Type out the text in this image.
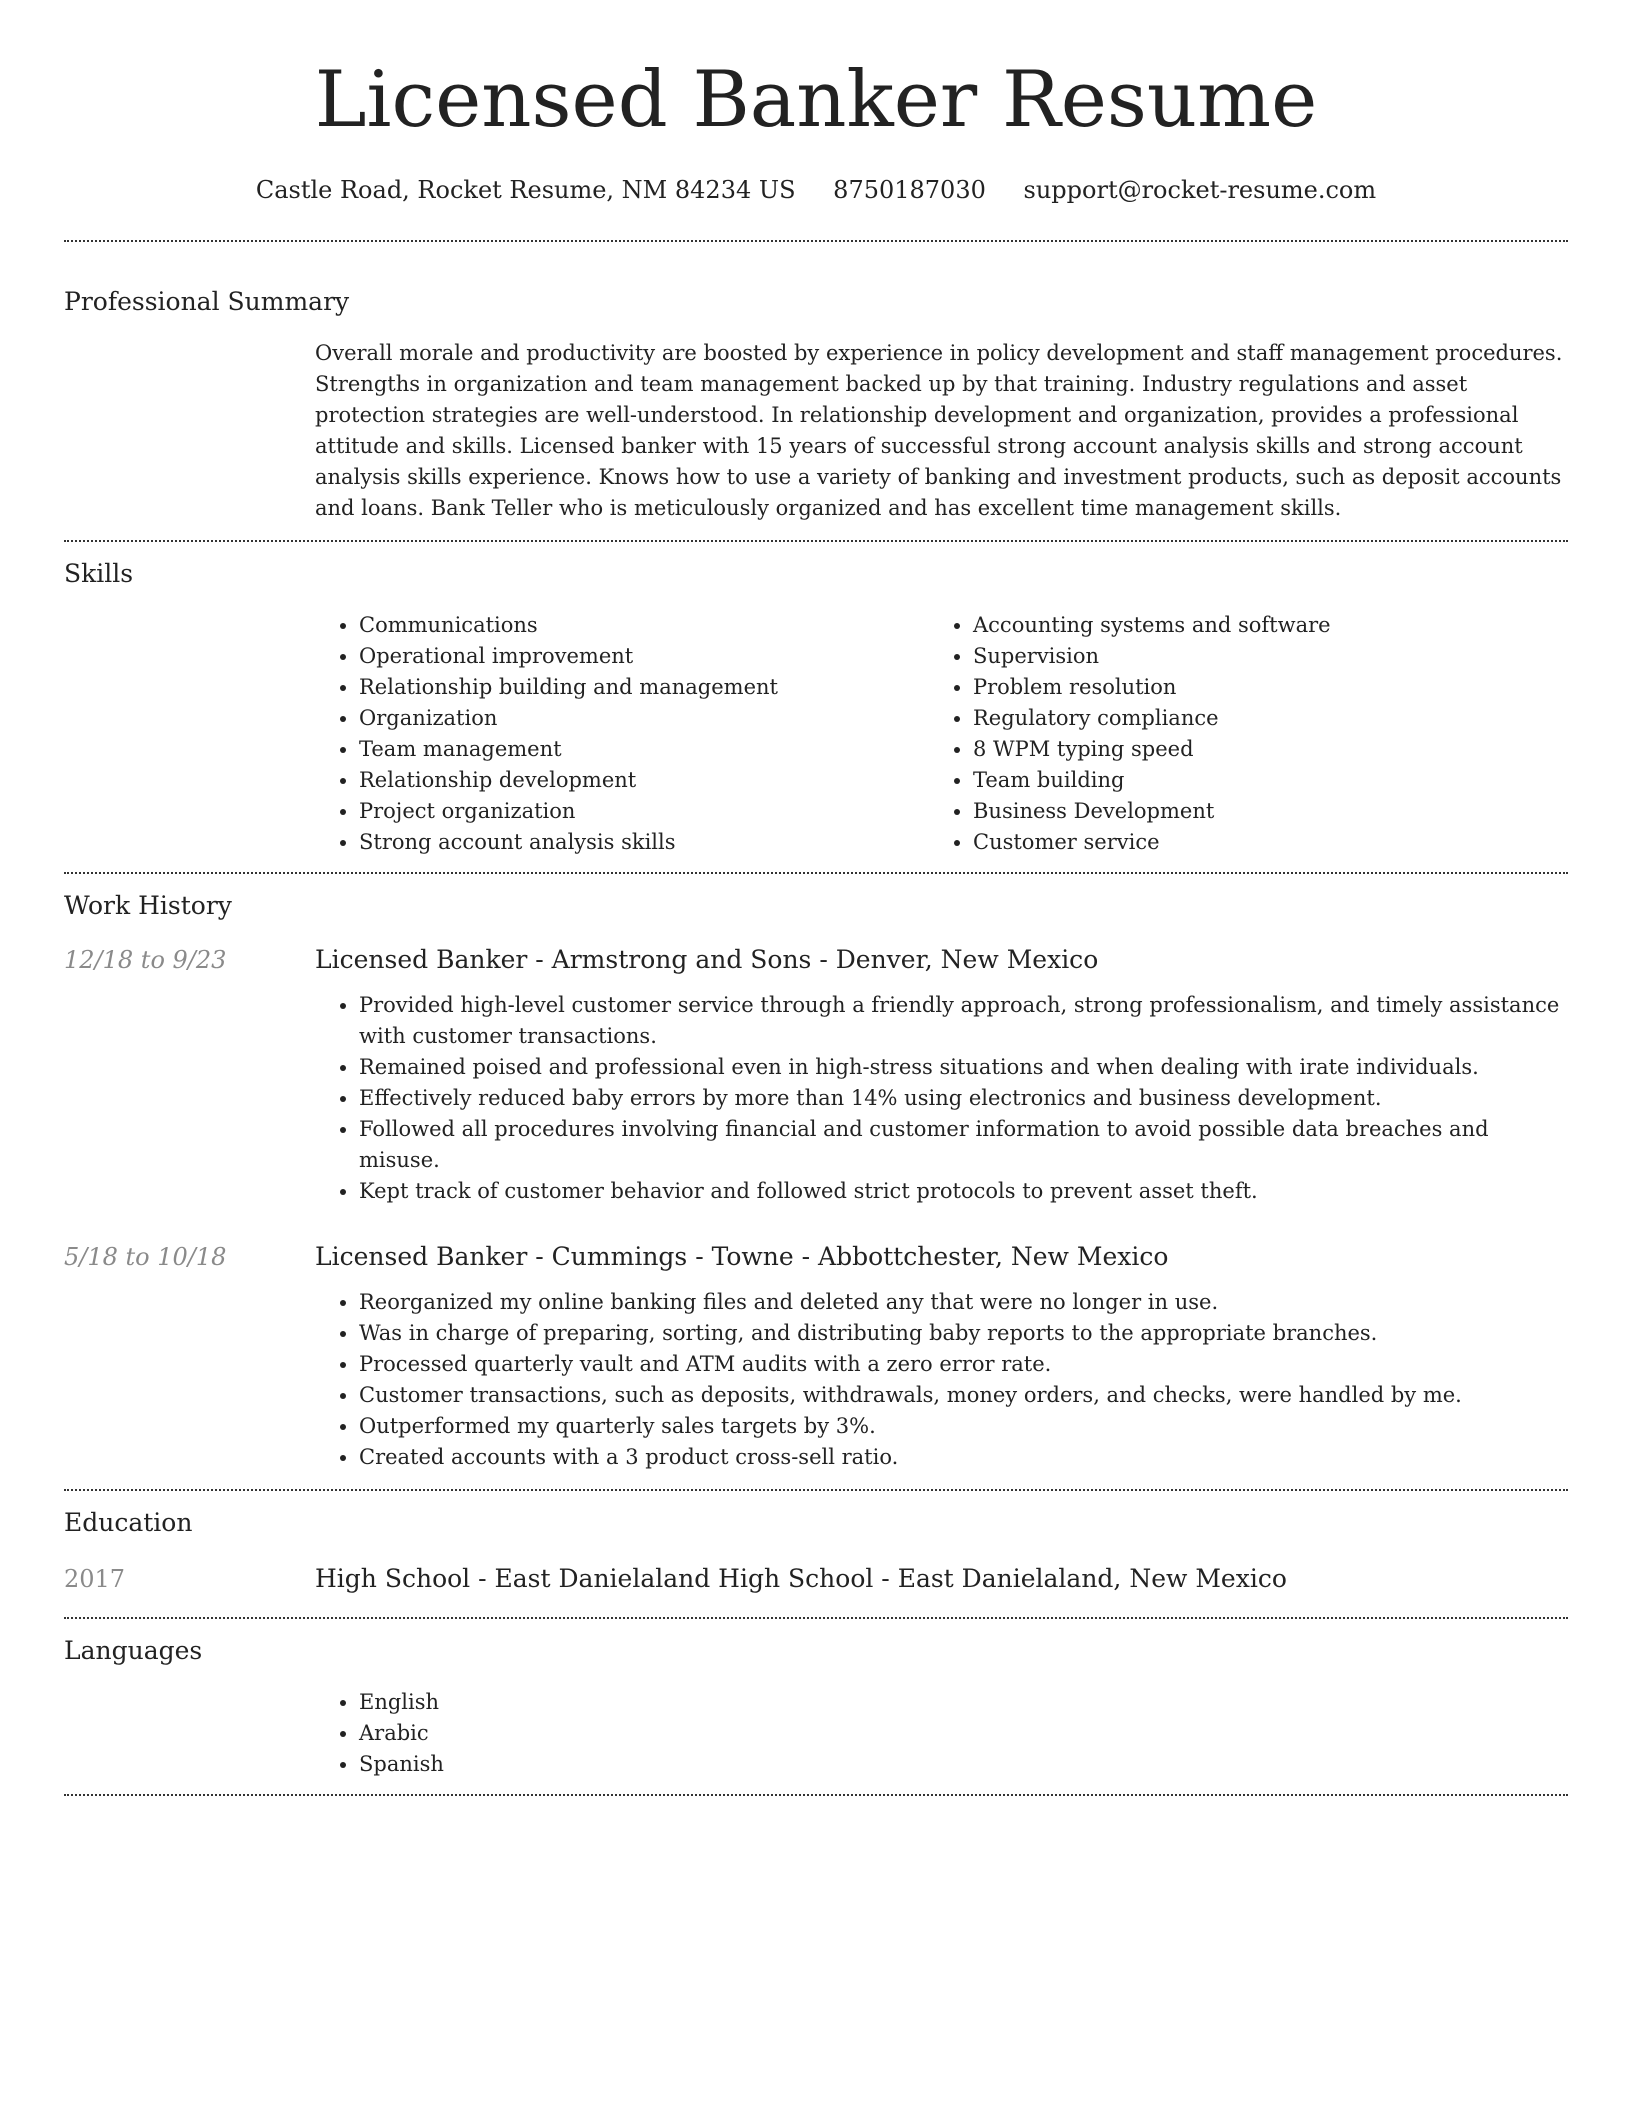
Licensed Banker Resume
Castle Road, Rocket Resume, NM 84234 US 8750187030 support@rocket-resume.com
Professional Summary
Overall morale and productivity are boosted by experience in policy development and staff management procedures. Strengths in organization and team management backed up by that training. Industry regulations and asset protection strategies are well-understood. In relationship development and organization, provides a professional attitude and skills. Licensed banker with 15 years of successful strong account analysis skills and strong account analysis skills experience. Knows how to use a variety of banking and investment products, such as deposit accounts and loans. Bank Teller who is meticulously organized and has excellent time management skills.
Skills
• Communications
• Operational improvement
• Relationship building and management
• Organization
• Team management
• Relationship development
• Project organization
• Strong account analysis skills
• Accounting systems and software
• Supervision
• Problem resolution
• Regulatory compliance
• 8 WPM typing speed
• Team building
• Business Development
• Customer service
Work History
12/18 to 9/23	Licensed Banker - Armstrong and Sons - Denver, New Mexico
• Provided high-level customer service through a friendly approach, strong professionalism, and timely assistance with customer transactions.
• Remained poised and professional even in high-stress situations and when dealing with irate individuals.
• Effectively reduced baby errors by more than 14% using electronics and business development.
• Followed all procedures involving financial and customer information to avoid possible data breaches and misuse.
• Kept track of customer behavior and followed strict protocols to prevent asset theft.
5/18 to 10/18	Licensed Banker - Cummings - Towne - Abbottchester, New Mexico
• Reorganized my online banking files and deleted any that were no longer in use.
• Was in charge of preparing, sorting, and distributing baby reports to the appropriate branches.
• Processed quarterly vault and ATM audits with a zero error rate.
• Customer transactions, such as deposits, withdrawals, money orders, and checks, were handled by me.
• Outperformed my quarterly sales targets by 3%.
• Created accounts with a 3 product cross-sell ratio.
Education
2017	High School - East Danielaland High School - East Danielaland, New Mexico
Languages
• English
• Arabic
• Spanish
